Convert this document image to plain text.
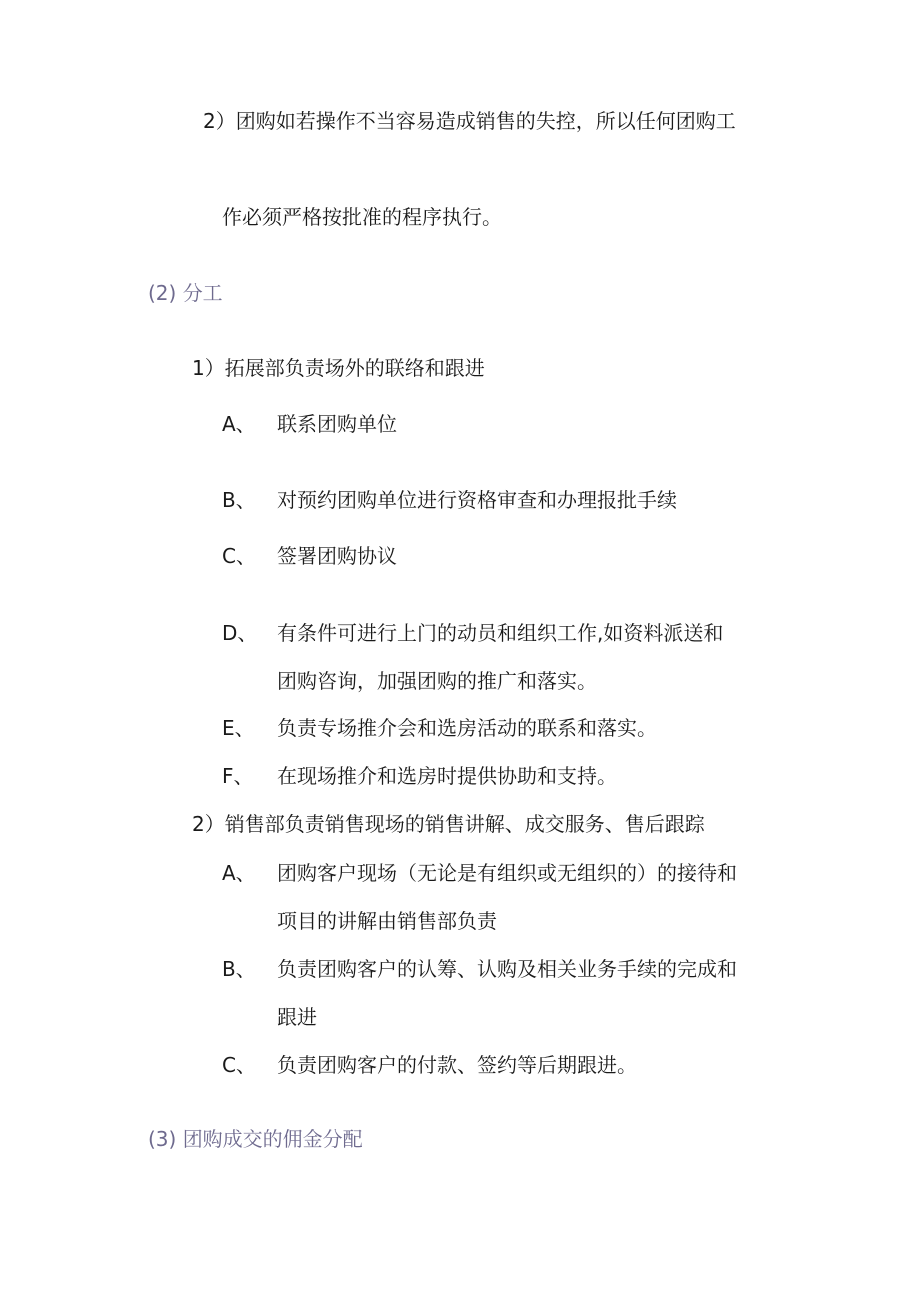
2）团购如若操作不当容易造成销售的失控，所以任何团购工
作必须严格按批准的程序执行。
(2) 分工
1）拓展部负责场外的联络和跟进
A、 联系团购单位
B、 对预约团购单位进行资格审查和办理报批手续
C、 签署团购协议
D、 有条件可进行上门的动员和组织工作,如资料派送和
团购咨询，加强团购的推广和落实。
E、 负责专场推介会和选房活动的联系和落实。
F、 在现场推介和选房时提供协助和支持。
2）销售部负责销售现场的销售讲解、成交服务、售后跟踪
A、 团购客户现场（无论是有组织或无组织的）的接待和
项目的讲解由销售部负责
B、 负责团购客户的认筹、认购及相关业务手续的完成和
跟进
C、 负责团购客户的付款、签约等后期跟进。
(3) 团购成交的佣金分配
